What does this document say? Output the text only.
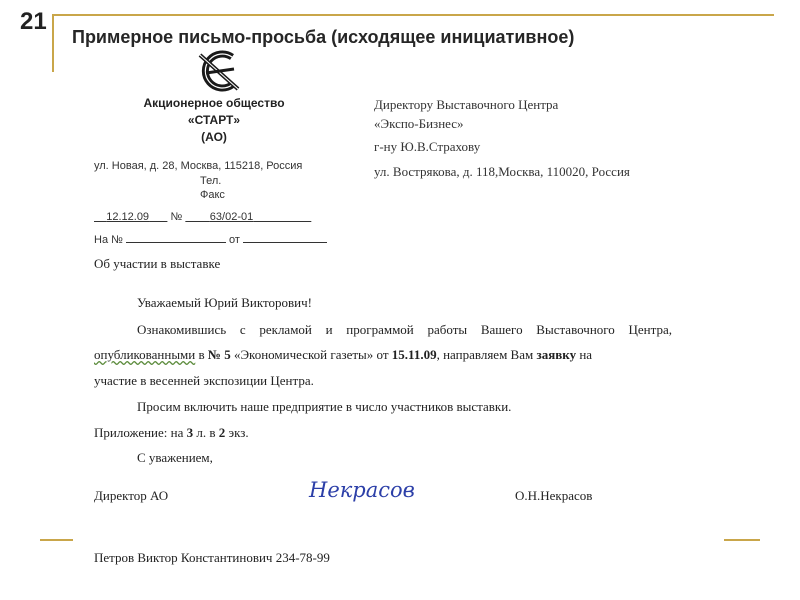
21
Примерное письмо-просьба (исходящее инициативное)
Акционерное общество
«СТАРТ»
(АО)
ул. Новая, д. 28, Москва, 115218, Россия
Тел.
Факс
12.12.09 №	63/02-01
На №	от
Директору Выставочного Центра
«Экспо-Бизнес»
г-ну Ю.В.Страхову
ул. Вострякова, д. 118,Москва, 110020, Россия
Об участии в выставке
Уважаемый Юрий Викторович!
Ознакомившись с рекламой и программой работы Вашего Выставочного Центра,
опубликованными в № 5 «Экономической газеты» от 15.11.09, направляем Вам заявку на
участие в весенней экспозиции Центра.
Просим включить наше предприятие в число участников выставки.
Приложение: на 3 л. в 2 экз.
С уважением,
Директор АО	Некрасов	О.Н.Некрасов
Петров Виктор Константинович 234-78-99
